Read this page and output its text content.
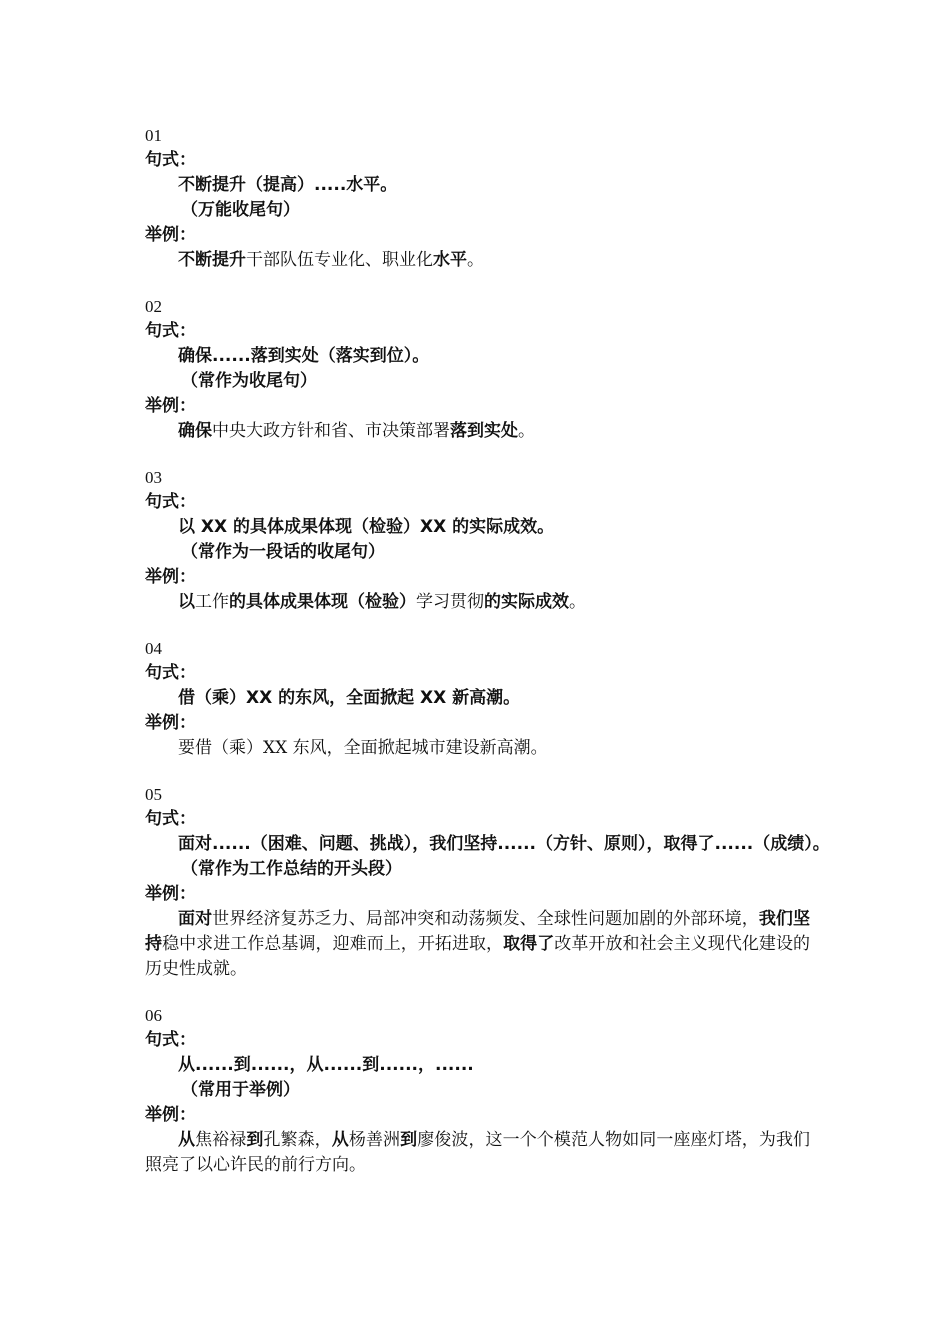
01
句式：
不断提升（提高）.....水平。
（万能收尾句）
举例：
不断提升干部队伍专业化、职业化水平。
02
句式：
确保......落到实处（落实到位）。
（常作为收尾句）
举例：
确保中央大政方针和省、市决策部署落到实处。
03
句式：
以 XX 的具体成果体现（检验）XX 的实际成效。
（常作为一段话的收尾句）
举例：
以工作的具体成果体现（检验）学习贯彻的实际成效。
04
句式：
借（乘）XX 的东风，全面掀起 XX 新高潮。
举例：
要借（乘）XX 东风，全面掀起城市建设新高潮。
05
句式：
面对......（困难、问题、挑战），我们坚持......（方针、原则），取得了......（成绩）。
（常作为工作总结的开头段）
举例：
面对世界经济复苏乏力、局部冲突和动荡频发、全球性问题加剧的外部环境，我们坚持稳中求进工作总基调，迎难而上，开拓进取，取得了改革开放和社会主义现代化建设的历史性成就。
06
句式：
从......到......，从......到......，......
（常用于举例）
举例：
从焦裕禄到孔繁森，从杨善洲到廖俊波，这一个个模范人物如同一座座灯塔，为我们照亮了以心许民的前行方向。
